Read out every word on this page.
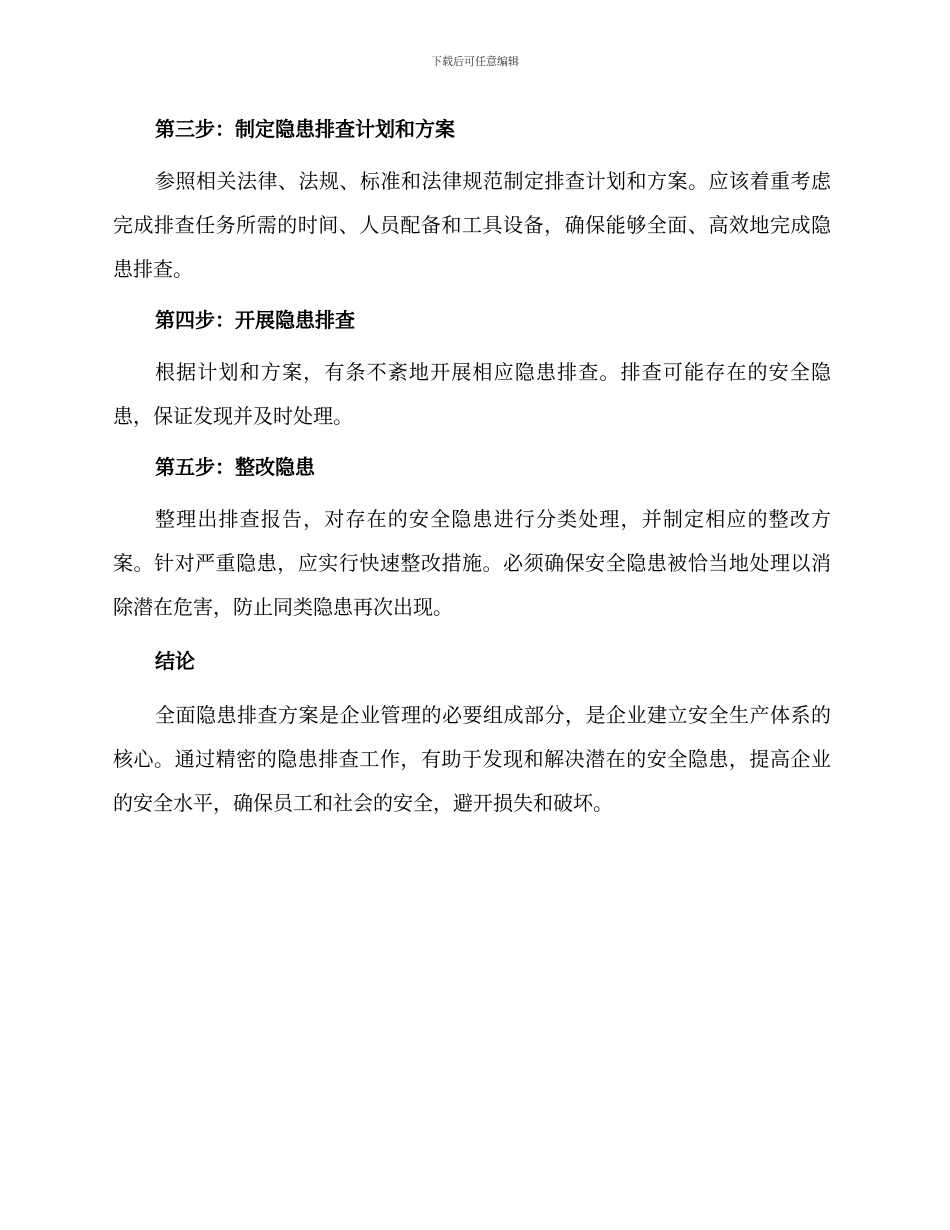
下载后可任意编辑

第三步：制定隐患排查计划和方案

参照相关法律、法规、标准和法律规范制定排查计划和方案。应该着重考虑完成排查任务所需的时间、人员配备和工具设备，确保能够全面、高效地完成隐患排查。

第四步：开展隐患排查

根据计划和方案，有条不紊地开展相应隐患排查。排查可能存在的安全隐患，保证发现并及时处理。

第五步：整改隐患

整理出排查报告，对存在的安全隐患进行分类处理，并制定相应的整改方案。针对严重隐患，应实行快速整改措施。必须确保安全隐患被恰当地处理以消除潜在危害，防止同类隐患再次出现。

结论

全面隐患排查方案是企业管理的必要组成部分，是企业建立安全生产体系的核心。通过精密的隐患排查工作，有助于发现和解决潜在的安全隐患，提高企业的安全水平，确保员工和社会的安全，避开损失和破坏。
